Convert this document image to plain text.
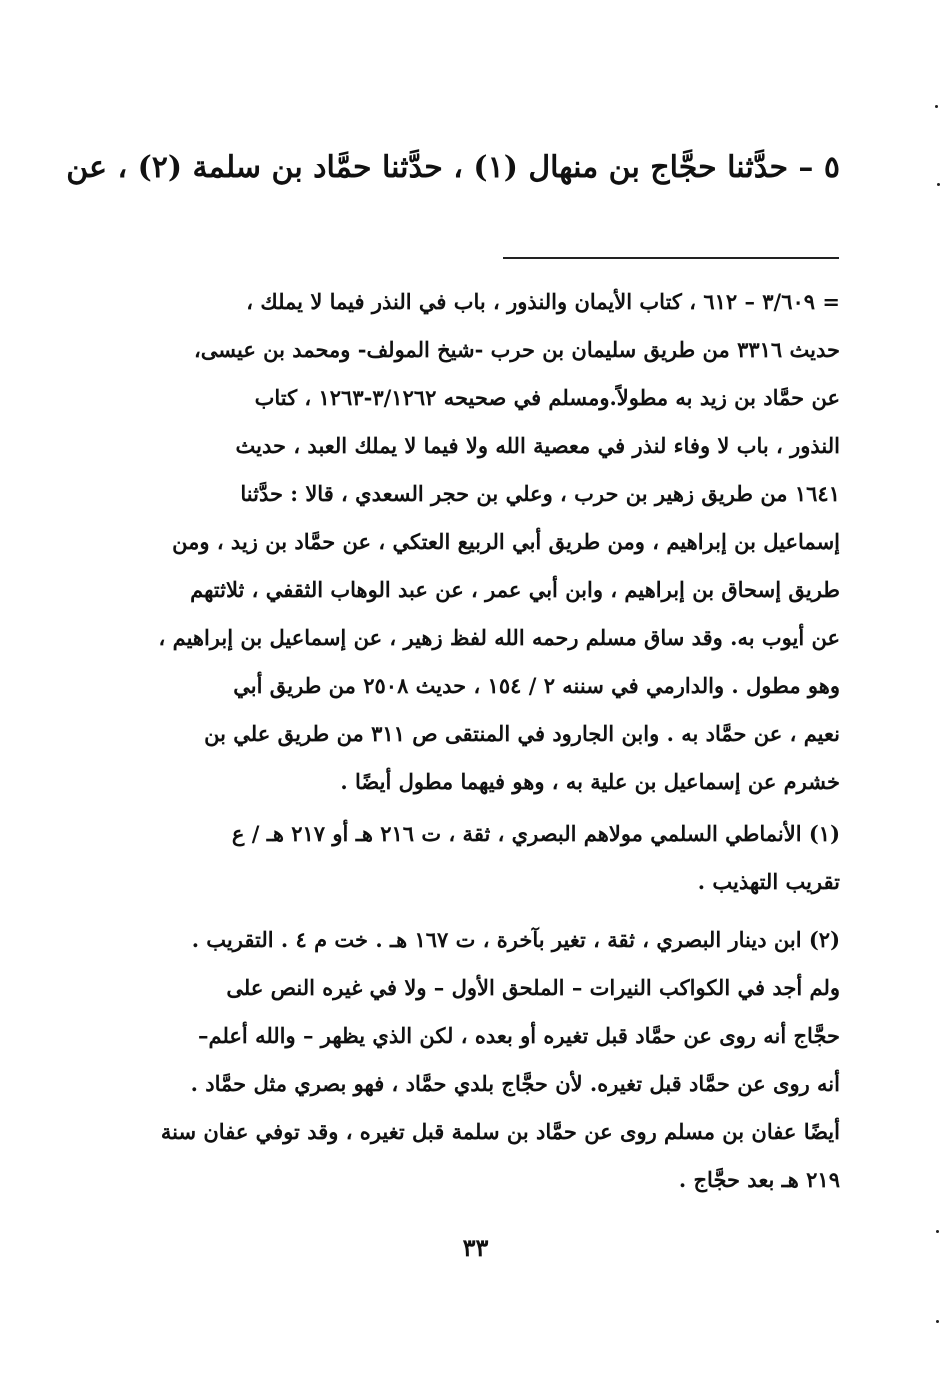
٥ – حدَّثنا حجَّاج بن منهال (١) ، حدَّثنا حمَّاد بن سلمة (٢) ، عن
= ٣/٦٠٩ – ٦١٢ ، كتاب الأيمان والنذور ، باب في النذر فيما لا يملك ،
حديث ٣٣١٦ من طريق سليمان بن حرب -شيخ المولف- ومحمد بن عيسى،
عن حمَّاد بن زيد به مطولاً.ومسلم في صحيحه ٣/١٢٦٢-١٢٦٣ ، كتاب
النذور ، باب لا وفاء لنذر في معصية الله ولا فيما لا يملك العبد ، حديث
١٦٤١ من طريق زهير بن حرب ، وعلي بن حجر السعدي ، قالا : حدَّثنا
إسماعيل بن إبراهيم ، ومن طريق أبي الربيع العتكي ، عن حمَّاد بن زيد ، ومن
طريق إسحاق بن إبراهيم ، وابن أبي عمر ، عن عبد الوهاب الثقفي ، ثلاثتهم
عن أيوب به. وقد ساق مسلم رحمه الله لفظ زهير ، عن إسماعيل بن إبراهيم ،
وهو مطول . والدارمي في سننه ٢ / ١٥٤ ، حديث ٢٥٠٨ من طريق أبي
نعيم ، عن حمَّاد به . وابن الجارود في المنتقى ص ٣١١ من طريق علي بن
خشرم عن إسماعيل بن علية به ، وهو فيهما مطول أيضًا .
(١) الأنماطي السلمي مولاهم البصري ، ثقة ، ت ٢١٦ هـ أو ٢١٧ هـ / ع
تقريب التهذيب .
(٢) ابن دينار البصري ، ثقة ، تغير بآخرة ، ت ١٦٧ هـ . خت م ٤ . التقريب .
ولم أجد في الكواكب النيرات – الملحق الأول – ولا في غيره النص على
حجَّاج أنه روى عن حمَّاد قبل تغيره أو بعده ، لكن الذي يظهر – والله أعلم–
أنه روى عن حمَّاد قبل تغيره. لأن حجَّاج بلدي حمَّاد ، فهو بصري مثل حمَّاد .
أيضًا عفان بن مسلم روى عن حمَّاد بن سلمة قبل تغيره ، وقد توفي عفان سنة
٢١٩ هـ بعد حجَّاج .
٣٣
